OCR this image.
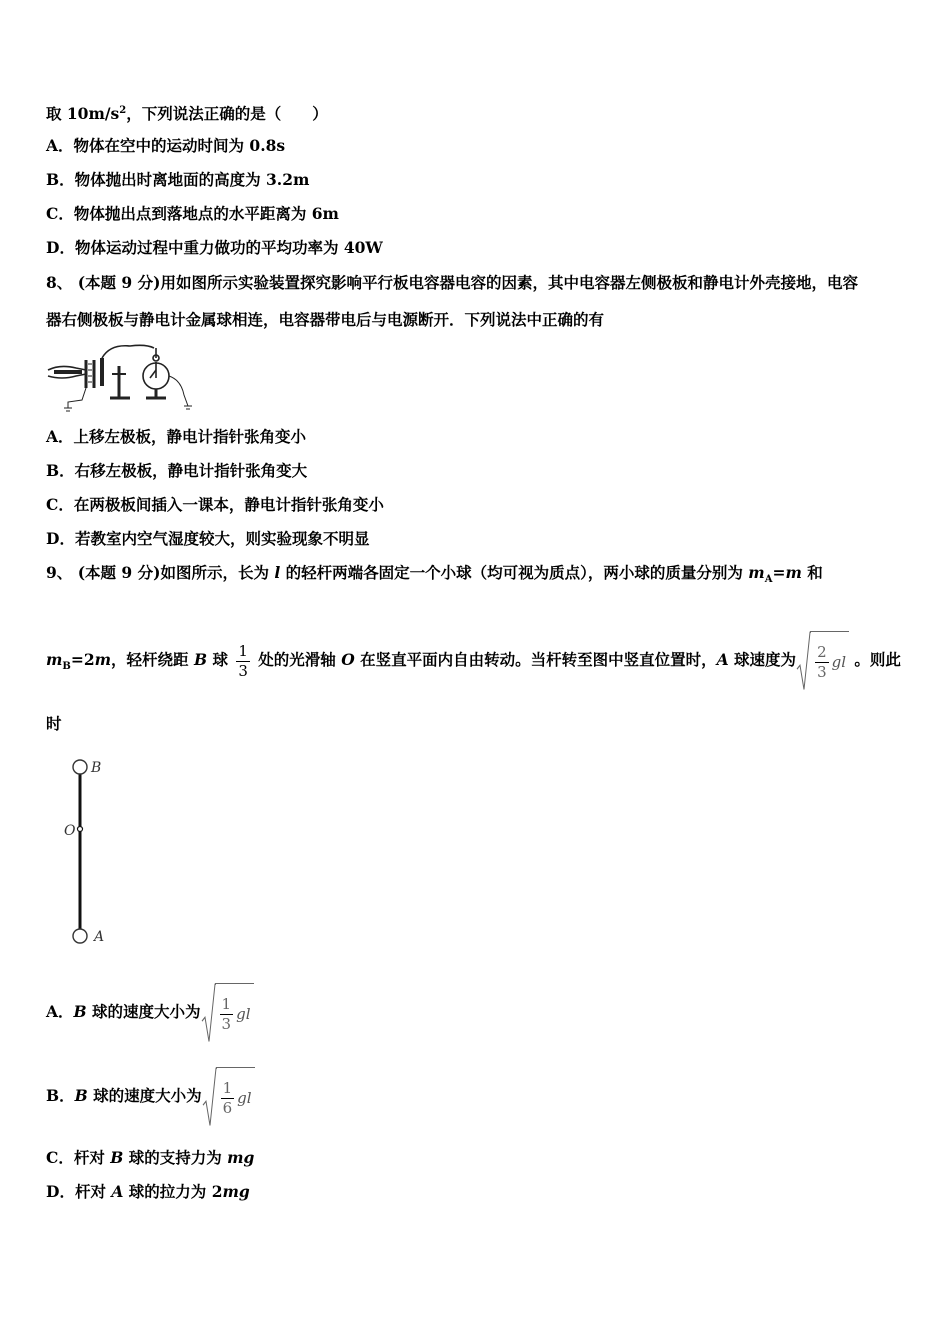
取 $10m/s^2$，下列说法正确的是（　　）
A．物体在空中的运动时间为 0.8s
B．物体抛出时离地面的高度为 3.2m
C．物体抛出点到落地点的水平距离为 6m
D．物体运动过程中重力做功的平均功率为 40W
8、 (本题 9 分)用如图所示实验装置探究影响平行板电容器电容的因素，其中电容器左侧极板和静电计外壳接地，电容
器右侧极板与静电计金属球相连，电容器带电后与电源断开．下列说法中正确的有
A．上移左极板，静电计指针张角变小
B．右移左极板，静电计指针张角变大
C．在两极板间插入一课本，静电计指针张角变小
D．若教室内空气湿度较大，则实验现象不明显
9、 (本题 9 分)如图所示，长为 l 的轻杆两端各固定一个小球（均可视为质点），两小球的质量分别为 $m_A=m$ 和
$m_B=2m$，轻杆绕距 B 球 $\frac{1}{3}$ 处的光滑轴 O 在竖直平面内自由转动。当杆转至图中竖直位置时，A 球速度为 $\frac{2}{3}$ gl 。则此
时
B
O
A
A．B 球的速度大小为 $\frac{1}{3}$ gl
B．B 球的速度大小为 $\frac{1}{6}$ gl
C．杆对 B 球的支持力为 mg
D．杆对 A 球的拉力为 2mg
